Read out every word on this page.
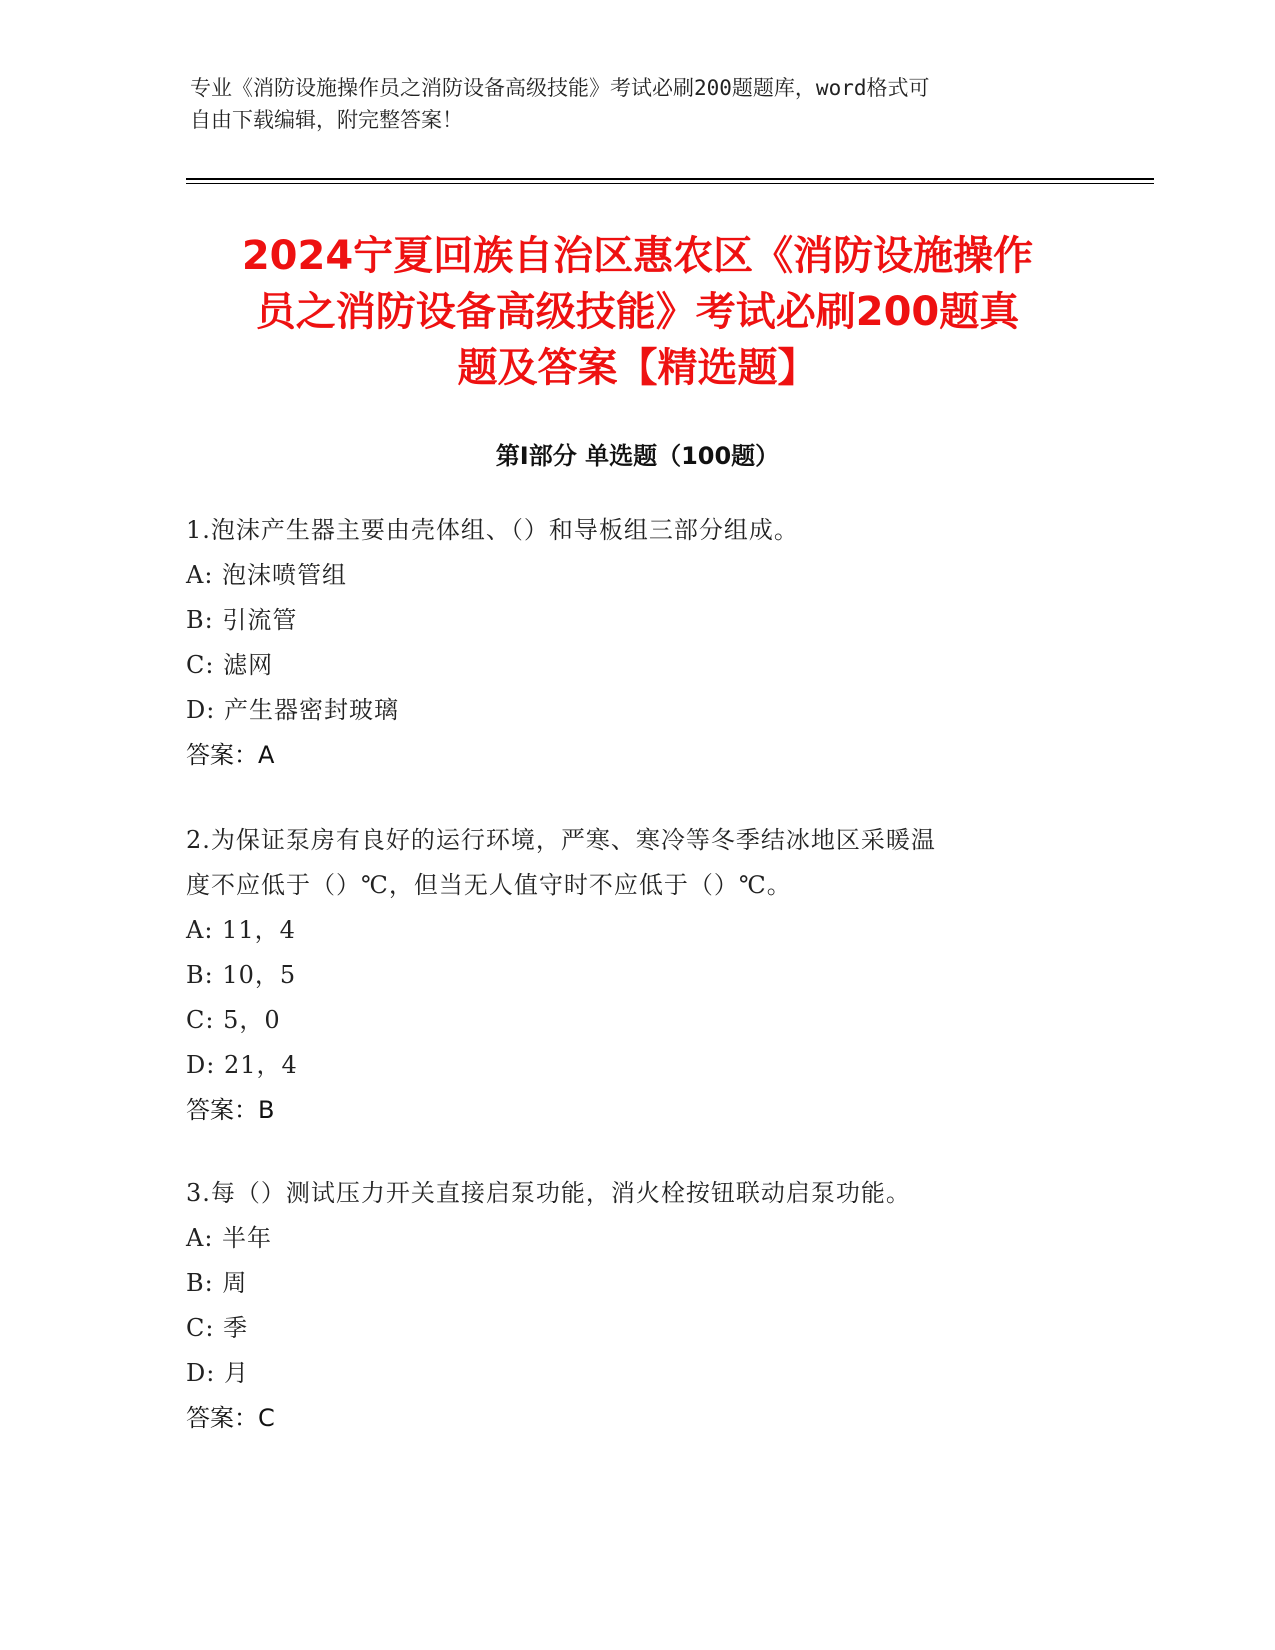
专业《消防设施操作员之消防设备高级技能》考试必刷200题题库，word格式可
自由下载编辑，附完整答案！
2024宁夏回族自治区惠农区《消防设施操作
员之消防设备高级技能》考试必刷200题真
题及答案【精选题】
第Ⅰ部分 单选题（100题）
1.泡沫产生器主要由壳体组、（）和导板组三部分组成。
A: 泡沫喷管组
B: 引流管
C: 滤网
D: 产生器密封玻璃
答案：A
2.为保证泵房有良好的运行环境，严寒、寒冷等冬季结冰地区采暖温
度不应低于（）℃，但当无人值守时不应低于（）℃。
A: 11，4
B: 10，5
C: 5，0
D: 21，4
答案：B
3.每（）测试压力开关直接启泵功能，消火栓按钮联动启泵功能。
A: 半年
B: 周
C: 季
D: 月
答案：C
